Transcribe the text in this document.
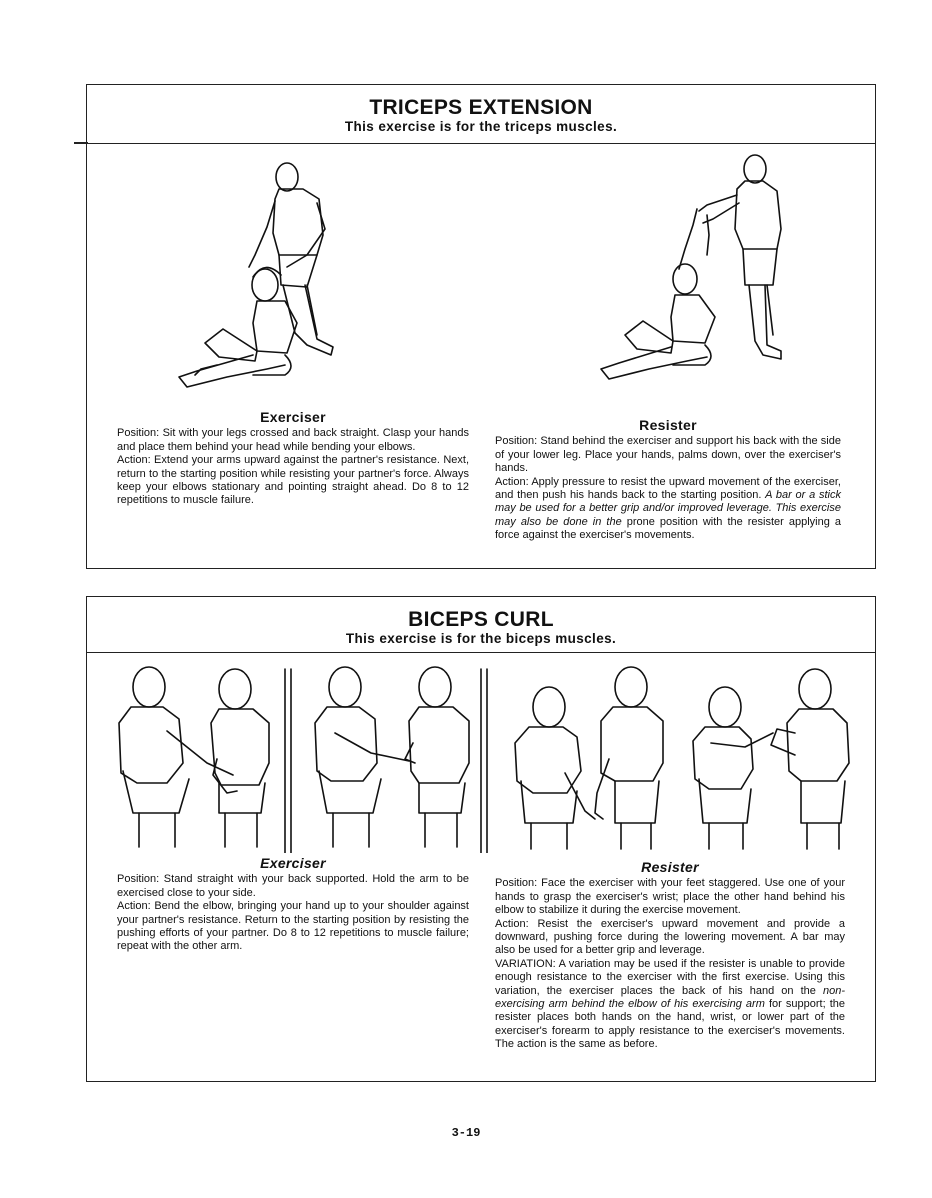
TRICEPS EXTENSION
This exercise is for the triceps muscles.
Exerciser

Position: Sit with your legs crossed and back straight. Clasp your hands and place them behind your head while bending your elbows.

Action: Extend your arms upward against the partner's resistance. Next, return to the starting position while resisting your partner's force. Always keep your elbows stationary and pointing straight ahead. Do 8 to 12 repetitions to muscle failure.

Resister

Position: Stand behind the exerciser and support his back with the side of your lower leg. Place your hands, palms down, over the exerciser's hands.

Action: Apply pressure to resist the upward movement of the exerciser, and then push his hands back to the starting position. A bar or a stick may be used for a better grip and/or improved leverage. This exercise may also be done in the prone position with the resister applying a force against the exerciser's movements.

BICEPS CURL
This exercise is for the biceps muscles.
Exerciser

Position: Stand straight with your back supported. Hold the arm to be exercised close to your side.

Action: Bend the elbow, bringing your hand up to your shoulder against your partner's resistance. Return to the starting position by resisting the pushing efforts of your partner. Do 8 to 12 repetitions to muscle failure; repeat with the other arm.

Resister

Position: Face the exerciser with your feet staggered. Use one of your hands to grasp the exerciser's wrist; place the other hand behind his elbow to stabilize it during the exercise movement.

Action: Resist the exerciser's upward movement and provide a downward, pushing force during the lowering movement. A bar may also be used for a better grip and leverage.

VARIATION: A variation may be used if the resister is unable to provide enough resistance to the exerciser with the first exercise. Using this variation, the exerciser places the back of his hand on the non-exercising arm behind the elbow of his exercising arm for support; the resister places both hands on the hand, wrist, or lower part of the exerciser's forearm to apply resistance to the exerciser's movements. The action is the same as before.

3-19
